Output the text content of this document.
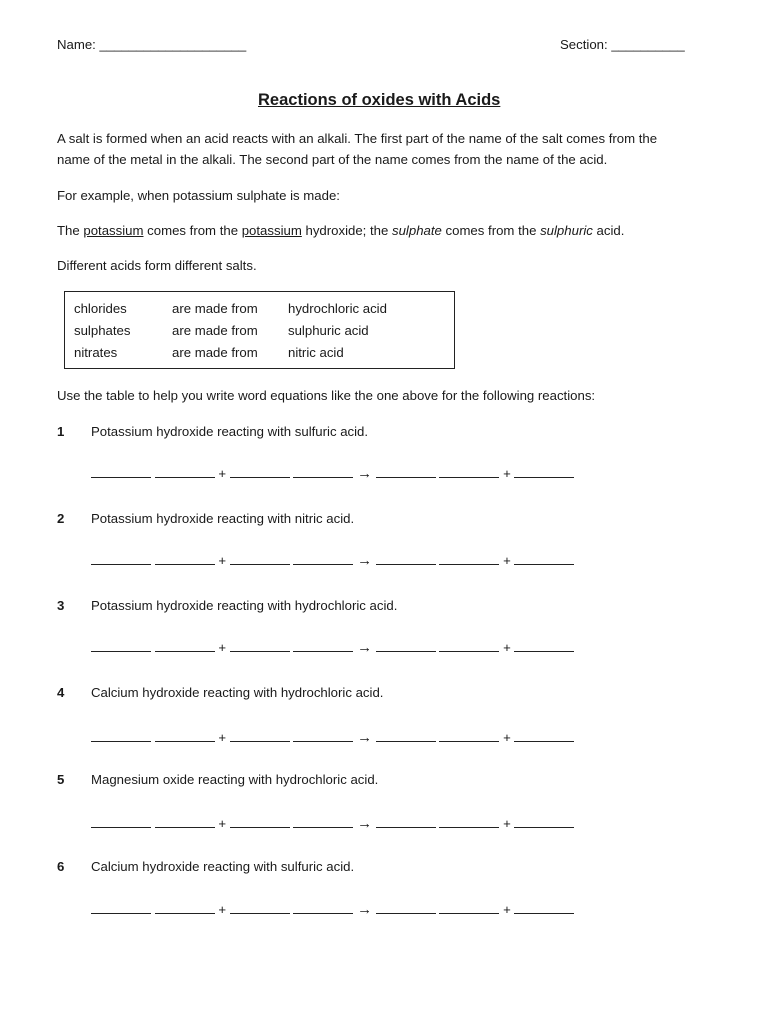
Name: ____________________	Section: __________
Reactions of oxides with Acids
A salt is formed when an acid reacts with an alkali. The first part of the name of the salt comes from the
name of the metal in the alkali. The second part of the name comes from the name of the acid.
For example, when potassium sulphate is made:
The potassium comes from the potassium hydroxide; the sulphate comes from the sulphuric acid.
Different acids form different salts.
chlorides	are made from hydrochloric acid
sulphates	are made from sulphuric acid
nitrates	are made from nitric acid
Use the table to help you write word equations like the one above for the following reactions:
1 Potassium hydroxide reacting with sulfuric acid.
+	→	+
2 Potassium hydroxide reacting with nitric acid.
+	→	+
3 Potassium hydroxide reacting with hydrochloric acid.
+	→	+
4 Calcium hydroxide reacting with hydrochloric acid.
+	→	+
5 Magnesium oxide reacting with hydrochloric acid.
+	→	+
6 Calcium hydroxide reacting with sulfuric acid.
+	→	+
